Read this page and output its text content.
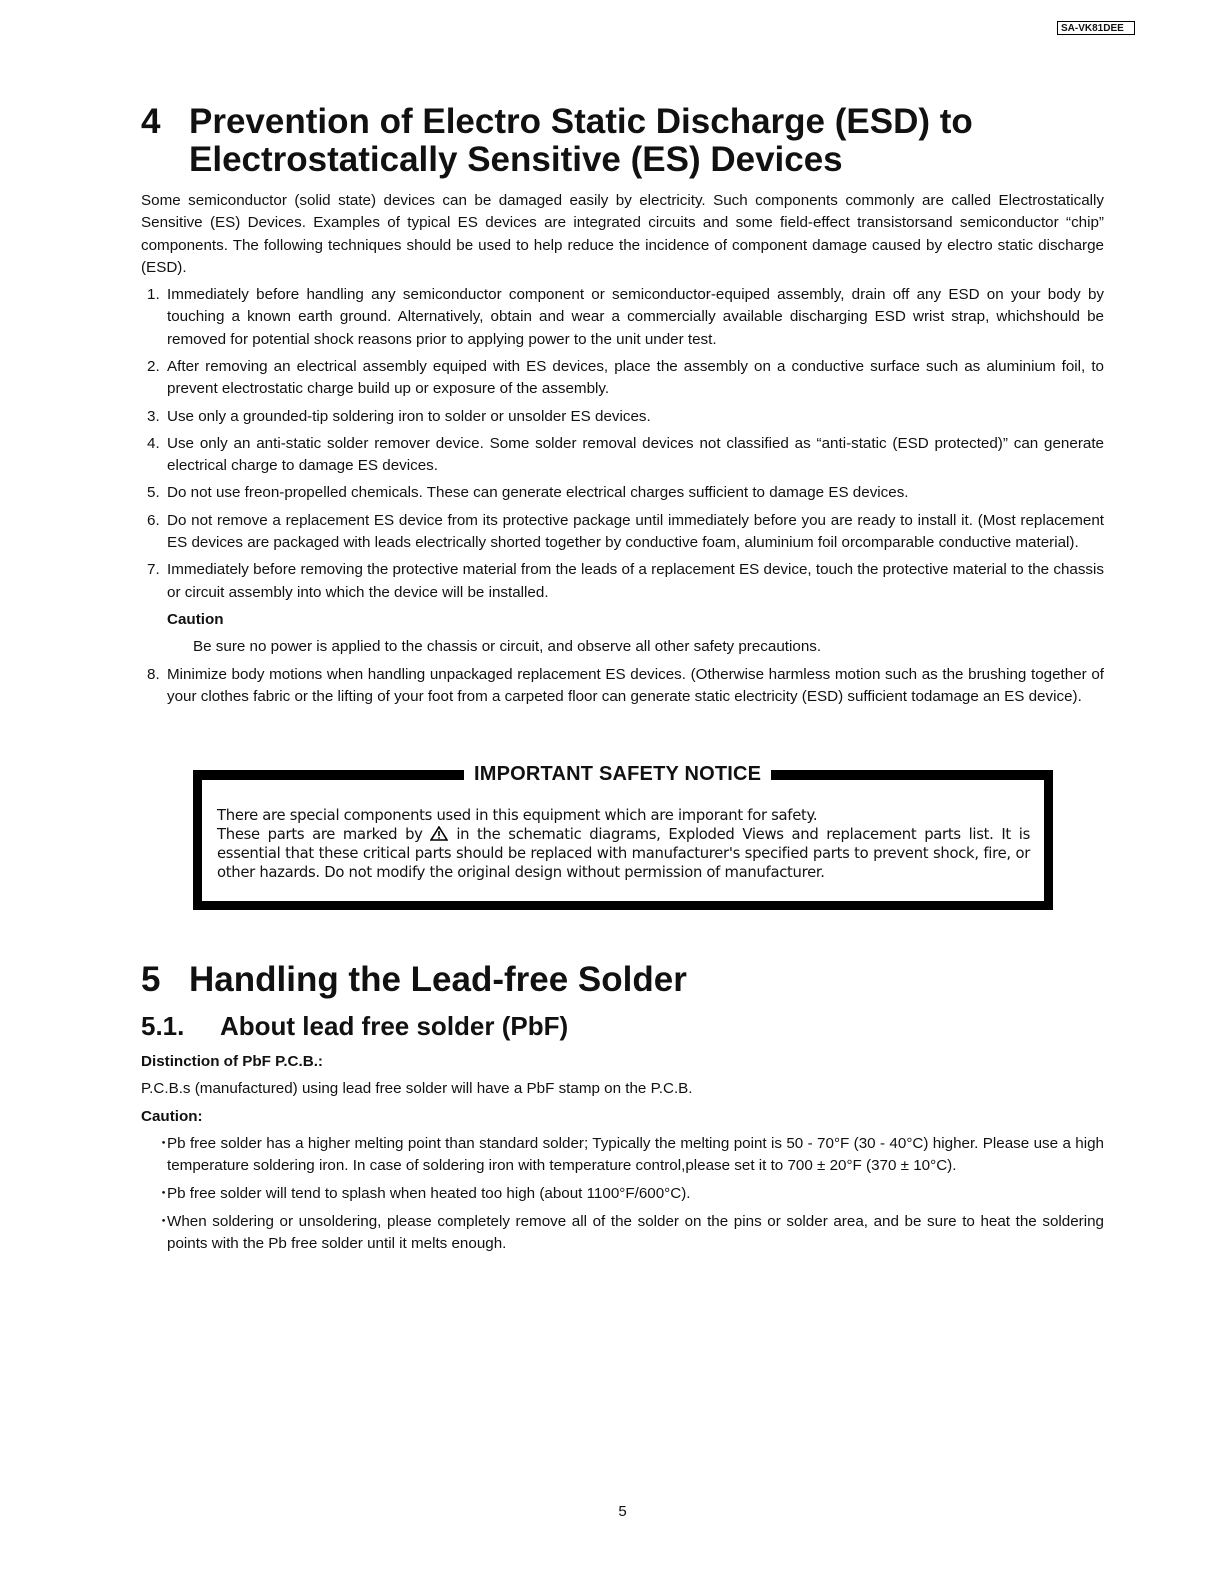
SA-VK81DEE
4 Prevention of Electro Static Discharge (ESD) to
Electrostatically Sensitive (ES) Devices

Some semiconductor (solid state) devices can be damaged easily by electricity. Such components commonly are called Electrostatically Sensitive (ES) Devices. Examples of typical ES devices are integrated circuits and some field-effect transistorsand semiconductor “chip” components. The following techniques should be used to help reduce the incidence of component damage caused by electro static discharge (ESD).

1. Immediately before handling any semiconductor component or semiconductor-equiped assembly, drain off any ESD on your body by touching a known earth ground. Alternatively, obtain and wear a commercially available discharging ESD wrist strap, whichshould be removed for potential shock reasons prior to applying power to the unit under test.
2. After removing an electrical assembly equiped with ES devices, place the assembly on a conductive surface such as aluminium foil, to prevent electrostatic charge build up or exposure of the assembly.
3. Use only a grounded-tip soldering iron to solder or unsolder ES devices.
4. Use only an anti-static solder remover device. Some solder removal devices not classified as “anti-static (ESD protected)” can generate electrical charge to damage ES devices.
5. Do not use freon-propelled chemicals. These can generate electrical charges sufficient to damage ES devices.
6. Do not remove a replacement ES device from its protective package until immediately before you are ready to install it. (Most replacement ES devices are packaged with leads electrically shorted together by conductive foam, aluminium foil orcomparable conductive material).
7. Immediately before removing the protective material from the leads of a replacement ES device, touch the protective material to the chassis or circuit assembly into which the device will be installed.
Caution
Be sure no power is applied to the chassis or circuit, and observe all other safety precautions.
8. Minimize body motions when handling unpackaged replacement ES devices. (Otherwise harmless motion such as the brushing together of your clothes fabric or the lifting of your foot from a carpeted floor can generate static electricity (ESD) sufficient todamage an ES device).
IMPORTANT SAFETY NOTICE
There are special components used in this equipment which are imporant for safety.
These parts are marked by in the schematic diagrams, Exploded Views and replacement parts list. It is essential that these critical parts should be replaced with manufacturer's specified parts to prevent shock, fire, or other hazards. Do not modify the original design without permission of manufacturer.
5 Handling the Lead-free Solder
5.1. About lead free solder (PbF)

Distinction of PbF P.C.B.:

P.C.B.s (manufactured) using lead free solder will have a PbF stamp on the P.C.B.

Caution:

・
Pb free solder has a higher melting point than standard solder; Typically the melting point is 50 - 70°F (30 - 40°C) higher. Please use a high temperature soldering iron. In case of soldering iron with temperature control,please set it to 700 ± 20°F (370 ± 10°C).
・
Pb free solder will tend to splash when heated too high (about 1100°F/600°C).
・
When soldering or unsoldering, please completely remove all of the solder on the pins or solder area, and be sure to heat the soldering points with the Pb free solder until it melts enough.
5
